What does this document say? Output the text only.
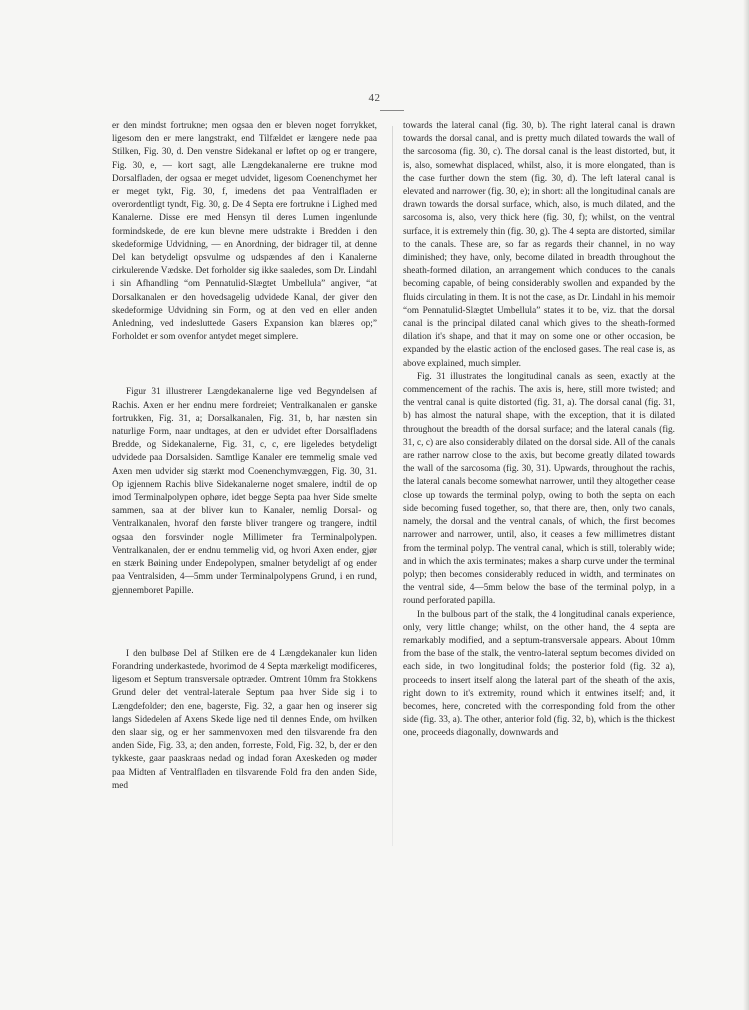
42

er den mindst fortrukne; men ogsaa den er bleven noget forrykket, ligesom den er mere langstrakt, end Tilfældet er længere nede paa Stilken, Fig. 30, d. Den venstre Sidekanal er løftet op og er trangere, Fig. 30, e, — kort sagt, alle Længdekanalerne ere trukne mod Dorsalfladen, der ogsaa er meget udvidet, ligesom Coenenchymet her er meget tykt, Fig. 30, f, imedens det paa Ventralfladen er overordentligt tyndt, Fig. 30, g. De 4 Septa ere fortrukne i Lighed med Kanalerne. Disse ere med Hensyn til deres Lumen ingenlunde formindskede, de ere kun blevne mere udstrakte i Bredden i den skedeformige Udvidning, — en Anordning, der bidrager til, at denne Del kan betydeligt opsvulme og udspændes af den i Kanalerne cirkulerende Vædske. Det forholder sig ikke saaledes, som Dr. Lindahl i sin Afhandling “om Pennatulid-Slægtet Umbellula” angiver, “at Dorsalkanalen er den hovedsagelig udvidede Kanal, der giver den skedeformige Udvidning sin Form, og at den ved en eller anden Anledning, ved indesluttede Gasers Expansion kan blæres op;” Forholdet er som ovenfor antydet meget simplere.

Figur 31 illustrerer Længdekanalerne lige ved Begyndelsen af Rachis. Axen er her endnu mere fordreiet; Ventralkanalen er ganske fortrukken, Fig. 31, a; Dorsalkanalen, Fig. 31, b, har næsten sin naturlige Form, naar undtages, at den er udvidet efter Dorsalfladens Bredde, og Sidekanalerne, Fig. 31, c, c, ere ligeledes betydeligt udvidede paa Dorsalsiden. Samtlige Kanaler ere temmelig smale ved Axen men udvider sig stærkt mod Coenenchymvæggen, Fig. 30, 31. Op igjennem Rachis blive Sidekanalerne noget smalere, indtil de op imod Terminalpolypen ophøre, idet begge Septa paa hver Side smelte sammen, saa at der bliver kun to Kanaler, nemlig Dorsal- og Ventralkanalen, hvoraf den første bliver trangere og trangere, indtil ogsaa den forsvinder nogle Millimeter fra Terminalpolypen. Ventralkanalen, der er endnu temmelig vid, og hvori Axen ender, gjør en stærk Bøining under Endepolypen, smalner betydeligt af og ender paa Ventralsiden, 4—5mm under Terminalpolypens Grund, i en rund, gjennemboret Papille.

I den bulbøse Del af Stilken ere de 4 Længdekanaler kun liden Forandring underkastede, hvorimod de 4 Septa mærkeligt modificeres, ligesom et Septum transversale optræder. Omtrent 10mm fra Stokkens Grund deler det ventral-laterale Septum paa hver Side sig i to Længdefolder; den ene, bagerste, Fig. 32, a gaar hen og inserer sig langs Sidedelen af Axens Skede lige ned til dennes Ende, om hvilken den slaar sig, og er her sammenvoxen med den tilsvarende fra den anden Side, Fig. 33, a; den anden, forreste, Fold, Fig. 32, b, der er den tykkeste, gaar paaskraas nedad og indad foran Axeskeden og møder paa Midten af Ventralfladen en tilsvarende Fold fra den anden Side, med

towards the lateral canal (fig. 30, b). The right lateral canal is drawn towards the dorsal canal, and is pretty much dilated towards the wall of the sarcosoma (fig. 30, c). The dorsal canal is the least distorted, but, it is, also, somewhat displaced, whilst, also, it is more elongated, than is the case further down the stem (fig. 30, d). The left lateral canal is elevated and narrower (fig. 30, e); in short: all the longitudinal canals are drawn towards the dorsal surface, which, also, is much dilated, and the sarcosoma is, also, very thick here (fig. 30, f); whilst, on the ventral surface, it is extremely thin (fig. 30, g). The 4 septa are distorted, similar to the canals. These are, so far as regards their channel, in no way diminished; they have, only, become dilated in breadth throughout the sheath-formed dilation, an arrangement which conduces to the canals becoming capable, of being considerably swollen and expanded by the fluids circulating in them. It is not the case, as Dr. Lindahl in his memoir “om Pennatulid-Slægtet Umbellula” states it to be, viz. that the dorsal canal is the principal dilated canal which gives to the sheath-formed dilation it's shape, and that it may on some one or other occasion, be expanded by the elastic action of the enclosed gases. The real case is, as above explained, much simpler.

Fig. 31 illustrates the longitudinal canals as seen, exactly at the commencement of the rachis. The axis is, here, still more twisted; and the ventral canal is quite distorted (fig. 31, a). The dorsal canal (fig. 31, b) has almost the natural shape, with the exception, that it is dilated throughout the breadth of the dorsal surface; and the lateral canals (fig. 31, c, c) are also considerably dilated on the dorsal side. All of the canals are rather narrow close to the axis, but become greatly dilated towards the wall of the sarcosoma (fig. 30, 31). Upwards, throughout the rachis, the lateral canals become somewhat narrower, until they altogether cease close up towards the terminal polyp, owing to both the septa on each side becoming fused together, so, that there are, then, only two canals, namely, the dorsal and the ventral canals, of which, the first becomes narrower and narrower, until, also, it ceases a few millimetres distant from the terminal polyp. The ventral canal, which is still, tolerably wide; and in which the axis terminates; makes a sharp curve under the terminal polyp; then becomes considerably reduced in width, and terminates on the ventral side, 4—5mm below the base of the terminal polyp, in a round perforated papilla.

In the bulbous part of the stalk, the 4 longitudinal canals experience, only, very little change; whilst, on the other hand, the 4 septa are remarkably modified, and a septum-transversale appears. About 10mm from the base of the stalk, the ventro-lateral septum becomes divided on each side, in two longitudinal folds; the posterior fold (fig. 32 a), proceeds to insert itself along the lateral part of the sheath of the axis, right down to it's extremity, round which it entwines itself; and, it becomes, here, concreted with the corresponding fold from the other side (fig. 33, a). The other, anterior fold (fig. 32, b), which is the thickest one, proceeds diagonally, downwards and
